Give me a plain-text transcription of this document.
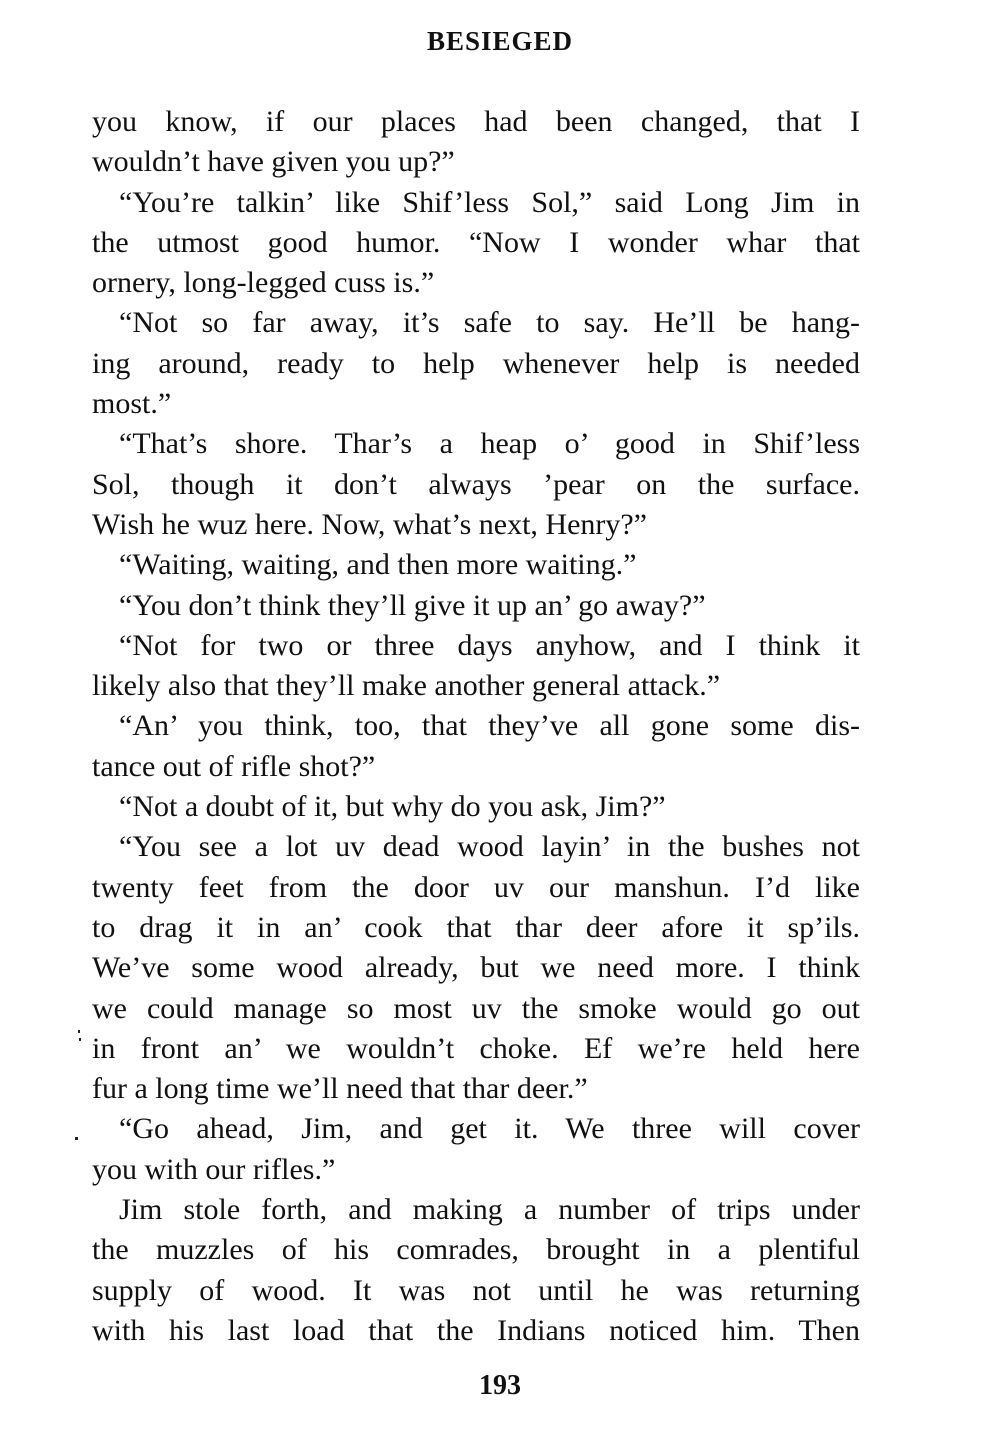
BESIEGED
you know, if our places had been changed, that I
wouldn’t have given you up?”
“You’re talkin’ like Shif’less Sol,” said Long Jim in
the utmost good humor. “Now I wonder whar that
ornery, long-legged cuss is.”
“Not so far away, it’s safe to say. He’ll be hang-
ing around, ready to help whenever help is needed
most.”
“That’s shore. Thar’s a heap o’ good in Shif’less
Sol, though it don’t always ’pear on the surface.
Wish he wuz here. Now, what’s next, Henry?”
“Waiting, waiting, and then more waiting.”
“You don’t think they’ll give it up an’ go away?”
“Not for two or three days anyhow, and I think it
likely also that they’ll make another general attack.”
“An’ you think, too, that they’ve all gone some dis-
tance out of rifle shot?”
“Not a doubt of it, but why do you ask, Jim?”
“You see a lot uv dead wood layin’ in the bushes not
twenty feet from the door uv our manshun. I’d like
to drag it in an’ cook that thar deer afore it sp’ils.
We’ve some wood already, but we need more. I think
we could manage so most uv the smoke would go out
in front an’ we wouldn’t choke. Ef we’re held here
fur a long time we’ll need that thar deer.”
“Go ahead, Jim, and get it. We three will cover
you with our rifles.”
Jim stole forth, and making a number of trips under
the muzzles of his comrades, brought in a plentiful
supply of wood. It was not until he was returning
with his last load that the Indians noticed him. Then
193
